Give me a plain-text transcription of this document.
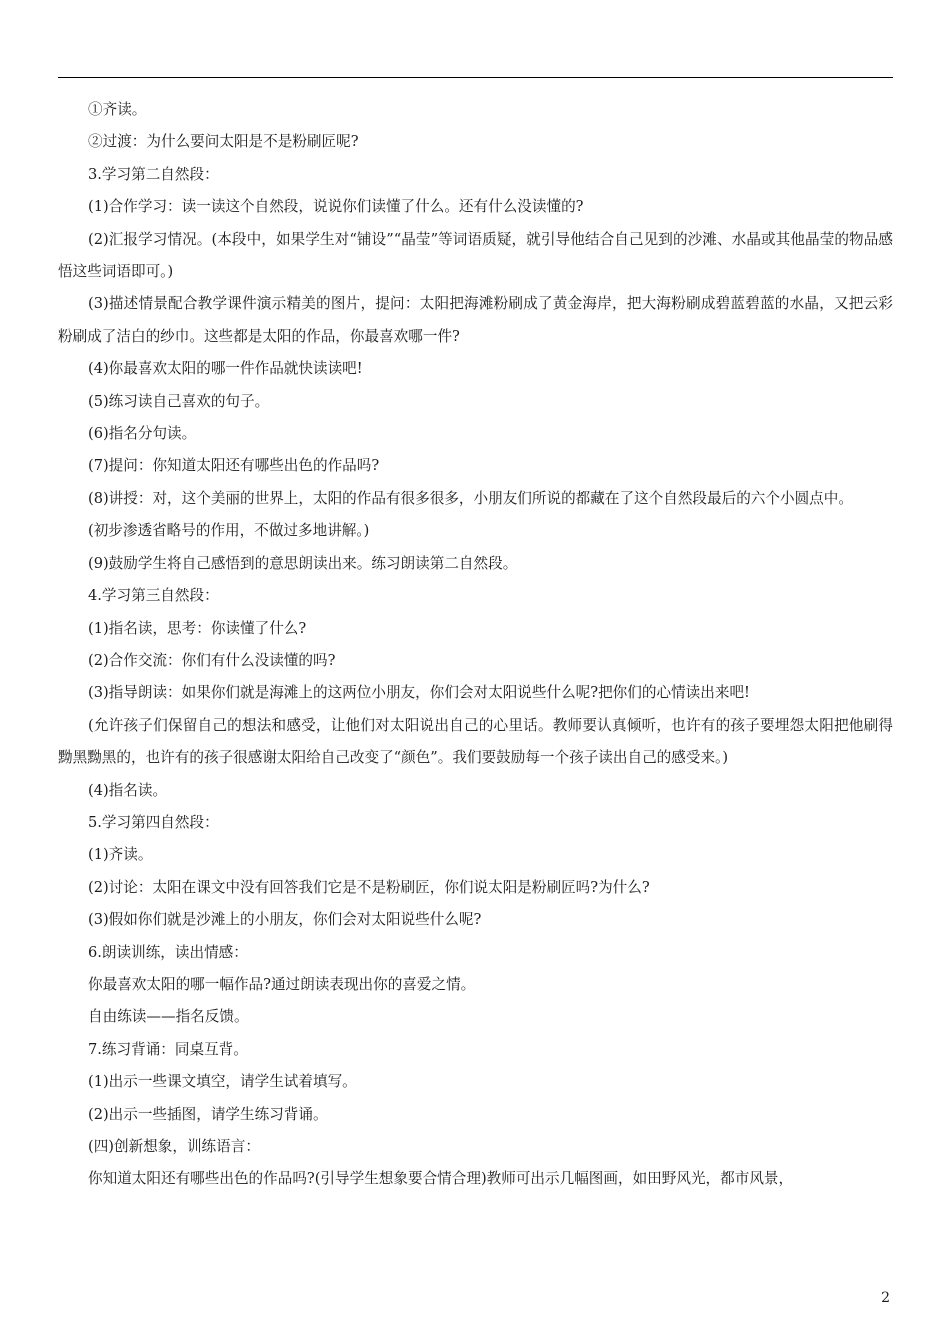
①齐读。

②过渡：为什么要问太阳是不是粉刷匠呢?

3.学习第二自然段：

(1)合作学习：读一读这个自然段，说说你们读懂了什么。还有什么没读懂的?

(2)汇报学习情况。(本段中，如果学生对“铺设”“晶莹”等词语质疑，就引导他结合自己见到的沙滩、水晶或其他晶莹的物品感悟这些词语即可。)

(3)描述情景配合教学课件演示精美的图片，提问：太阳把海滩粉刷成了黄金海岸，把大海粉刷成碧蓝碧蓝的水晶，又把云彩粉刷成了洁白的纱巾。这些都是太阳的作品，你最喜欢哪一件?

(4)你最喜欢太阳的哪一件作品就快读读吧!

(5)练习读自己喜欢的句子。

(6)指名分句读。

(7)提问：你知道太阳还有哪些出色的作品吗?

(8)讲授：对，这个美丽的世界上，太阳的作品有很多很多，小朋友们所说的都藏在了这个自然段最后的六个小圆点中。

(初步渗透省略号的作用，不做过多地讲解。)

(9)鼓励学生将自己感悟到的意思朗读出来。练习朗读第二自然段。

4.学习第三自然段：

(1)指名读，思考：你读懂了什么?

(2)合作交流：你们有什么没读懂的吗?

(3)指导朗读：如果你们就是海滩上的这两位小朋友，你们会对太阳说些什么呢?把你们的心情读出来吧!

(允许孩子们保留自己的想法和感受，让他们对太阳说出自己的心里话。教师要认真倾听，也许有的孩子要埋怨太阳把他刷得黝黑黝黑的，也许有的孩子很感谢太阳给自己改变了“颜色”。我们要鼓励每一个孩子读出自己的感受来。)

(4)指名读。

5.学习第四自然段：

(1)齐读。

(2)讨论：太阳在课文中没有回答我们它是不是粉刷匠，你们说太阳是粉刷匠吗?为什么?

(3)假如你们就是沙滩上的小朋友，你们会对太阳说些什么呢?

6.朗读训练，读出情感：

你最喜欢太阳的哪一幅作品?通过朗读表现出你的喜爱之情。

自由练读——指名反馈。

7.练习背诵：同桌互背。

(1)出示一些课文填空，请学生试着填写。

(2)出示一些插图，请学生练习背诵。

(四)创新想象，训练语言：

你知道太阳还有哪些出色的作品吗?(引导学生想象要合情合理)教师可出示几幅图画，如田野风光，都市风景，

2
